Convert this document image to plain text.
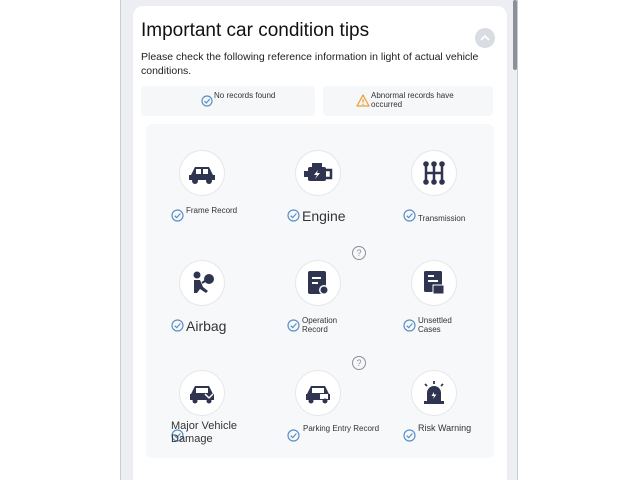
Important car condition tips

Please check the following reference information in light of actual vehicle conditions.

No records found	Abnormal records have occurred
Frame Record	Engine	Transmission
Airbag
?
Operation Record
Unsettled Cases
Major Vehicle Damage
?
Parking Entry Record	Risk Warning
